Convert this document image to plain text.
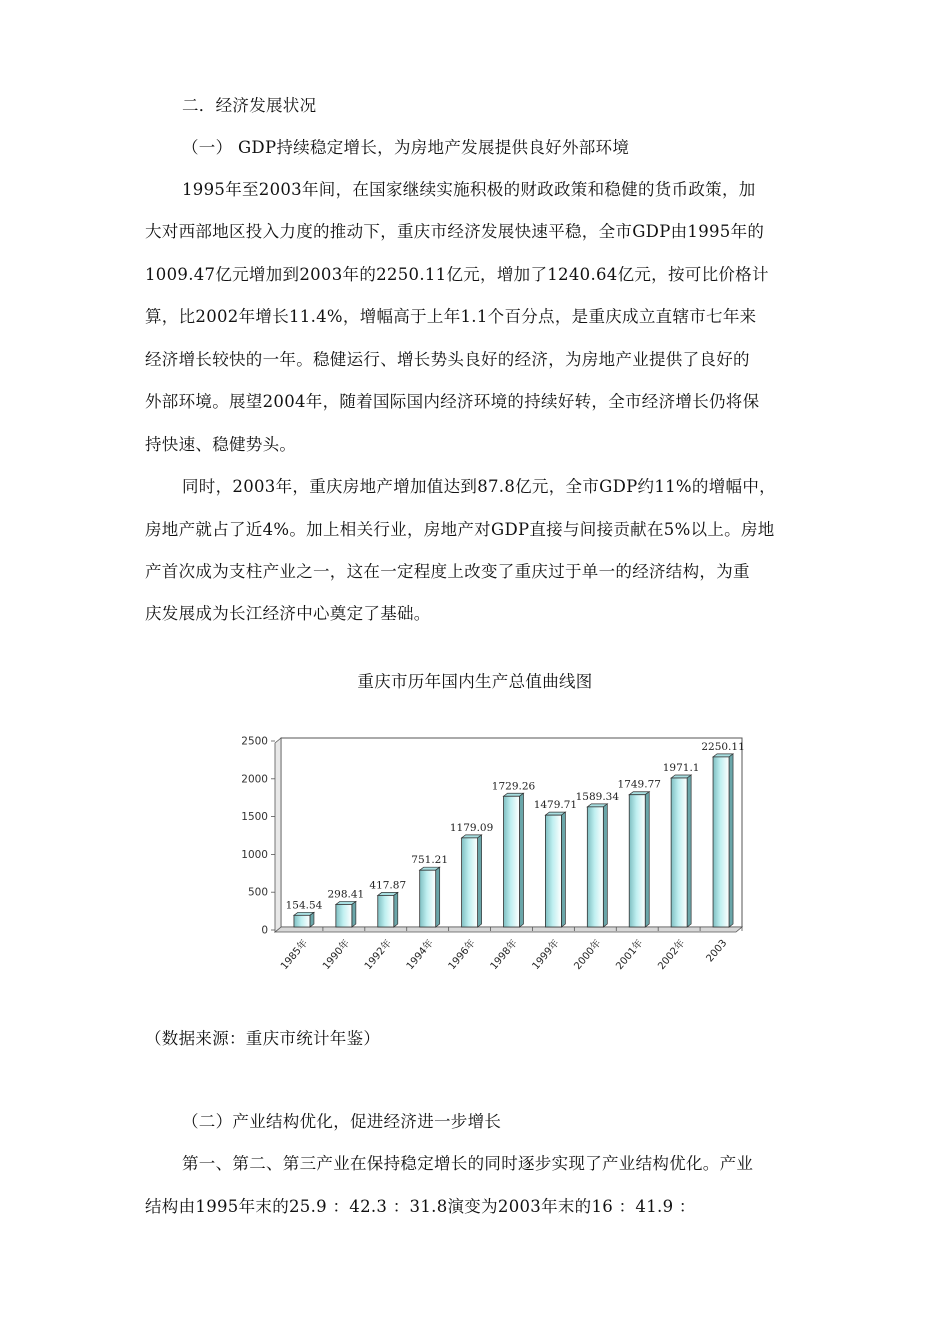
二．经济发展状况
（一） GDP持续稳定增长，为房地产发展提供良好外部环境
1995年至2003年间，在国家继续实施积极的财政政策和稳健的货币政策，加
大对西部地区投入力度的推动下，重庆市经济发展快速平稳，全市GDP由1995年的
1009.47亿元增加到2003年的2250.11亿元，增加了1240.64亿元，按可比价格计
算，比2002年增长11.4%，增幅高于上年1.1个百分点，是重庆成立直辖市七年来
经济增长较快的一年。稳健运行、增长势头良好的经济，为房地产业提供了良好的
外部环境。展望2004年，随着国际国内经济环境的持续好转，全市经济增长仍将保
持快速、稳健势头。
同时，2003年，重庆房地产增加值达到87.8亿元，全市GDP约11%的增幅中，
房地产就占了近4%。加上相关行业，房地产对GDP直接与间接贡献在5%以上。房地
产首次成为支柱产业之一，这在一定程度上改变了重庆过于单一的经济结构，为重
庆发展成为长江经济中心奠定了基础。
重庆市历年国内生产总值曲线图
0
500
1000
1500
2000
2500
154.54
298.41
417.87
751.21
1179.09
1729.26
1479.71
1589.34
1749.77
1971.1
2250.11
1985年 1990年 1992年 1994年 1996年 1998年 1999年 2000年 2001年 2002年 2003
（数据来源：重庆市统计年鉴）
（二）产业结构优化，促进经济进一步增长
第一、第二、第三产业在保持稳定增长的同时逐步实现了产业结构优化。产业
结构由1995年末的25.9 ：42.3 ：31.8演变为2003年末的16 ：41.9 ：
